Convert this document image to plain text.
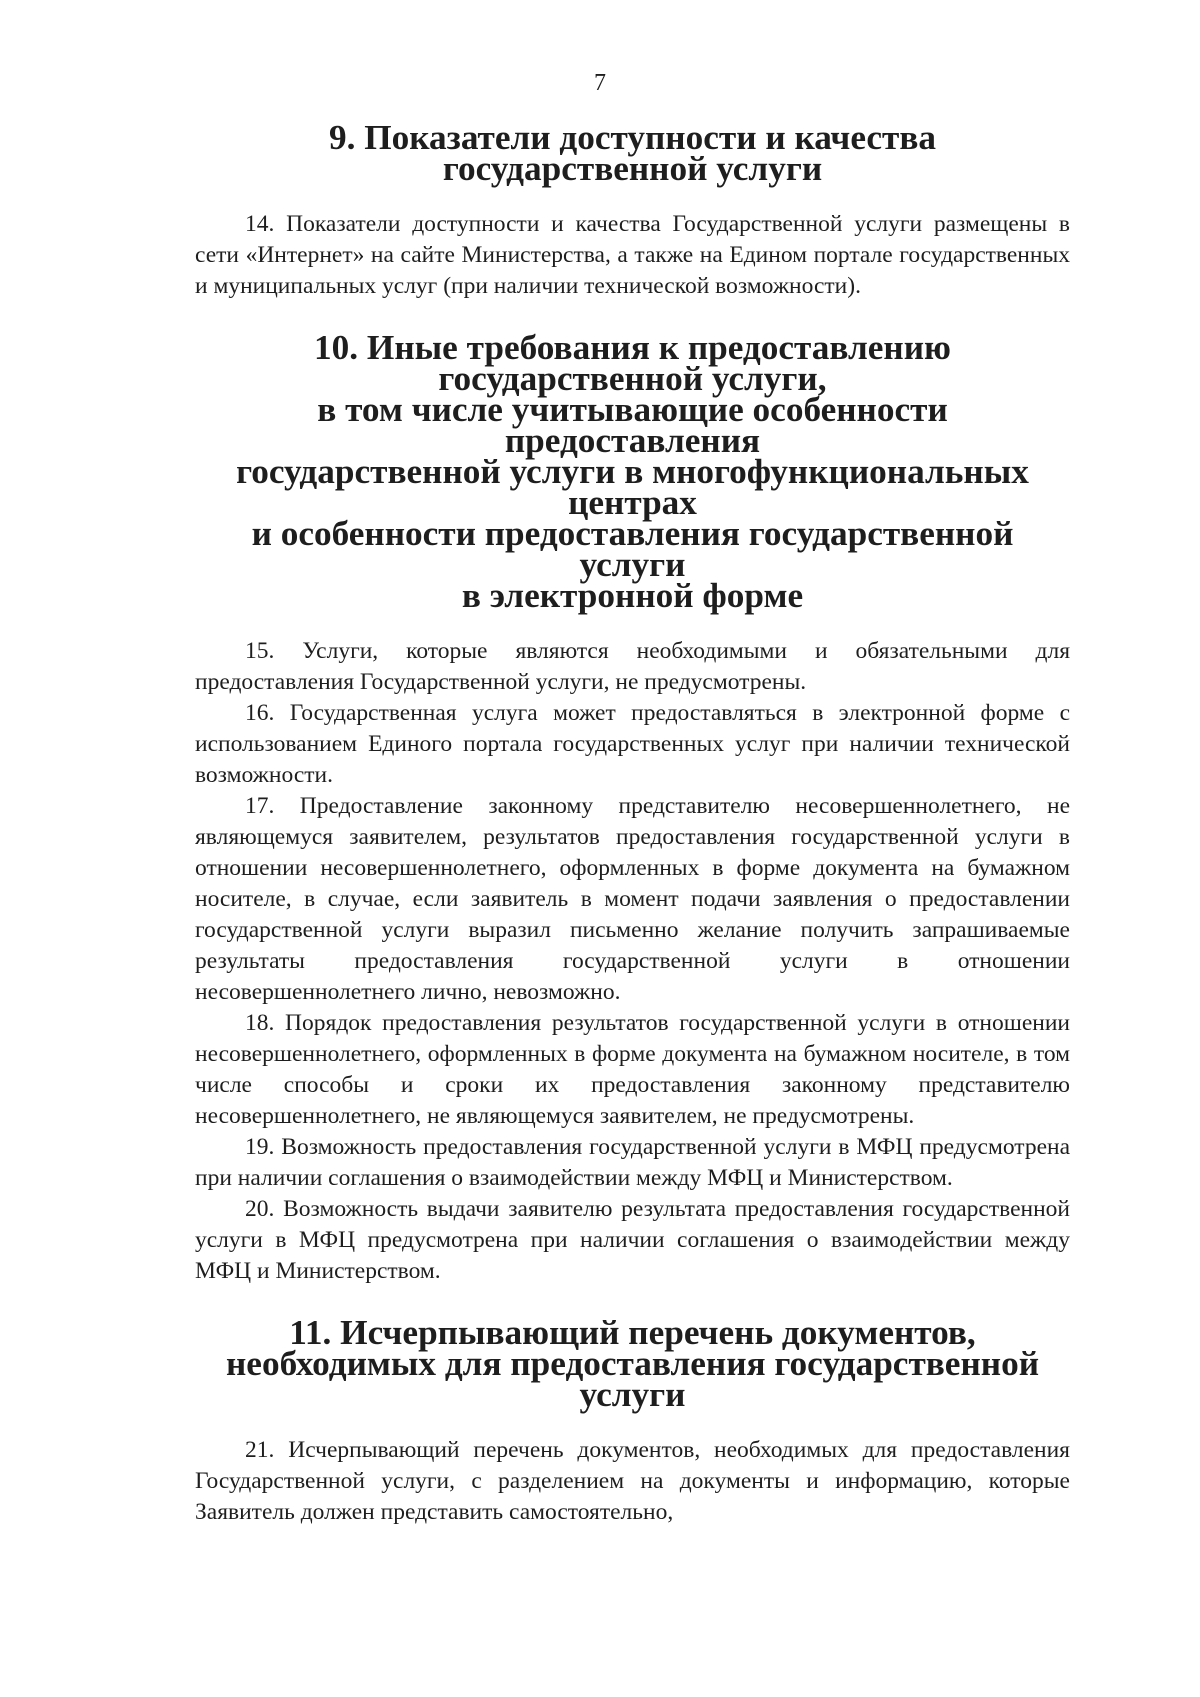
7
9. Показатели доступности и качества государственной услуги

14. Показатели доступности и качества Государственной услуги размещены в сети «Интернет» на сайте Министерства, а также на Едином портале государственных и муниципальных услуг (при наличии технической возможности).

10. Иные требования к предоставлению государственной услуги,
в том числе учитывающие особенности предоставления
государственной услуги в многофункциональных центрах
и особенности предоставления государственной услуги
в электронной форме

15. Услуги, которые являются необходимыми и обязательными для предоставления Государственной услуги, не предусмотрены.

16. Государственная услуга может предоставляться в электронной форме с использованием Единого портала государственных услуг при наличии технической возможности.

17. Предоставление законному представителю несовершеннолетнего, не являющемуся заявителем, результатов предоставления государственной услуги в отношении несовершеннолетнего, оформленных в форме документа на бумажном носителе, в случае, если заявитель в момент подачи заявления о предоставлении государственной услуги выразил письменно желание получить запрашиваемые результаты предоставления государственной услуги в отношении несовершеннолетнего лично, невозможно.

18. Порядок предоставления результатов государственной услуги в отношении несовершеннолетнего, оформленных в форме документа на бумажном носителе, в том числе способы и сроки их предоставления законному представителю несовершеннолетнего, не являющемуся заявителем, не предусмотрены.

19. Возможность предоставления государственной услуги в МФЦ предусмотрена при наличии соглашения о взаимодействии между МФЦ и Министерством.

20. Возможность выдачи заявителю результата предоставления государственной услуги в МФЦ предусмотрена при наличии соглашения о взаимодействии между МФЦ и Министерством.

11. Исчерпывающий перечень документов,
необходимых для предоставления государственной услуги

21. Исчерпывающий перечень документов, необходимых для предоставления Государственной услуги, с разделением на документы и информацию, которые Заявитель должен представить самостоятельно,
